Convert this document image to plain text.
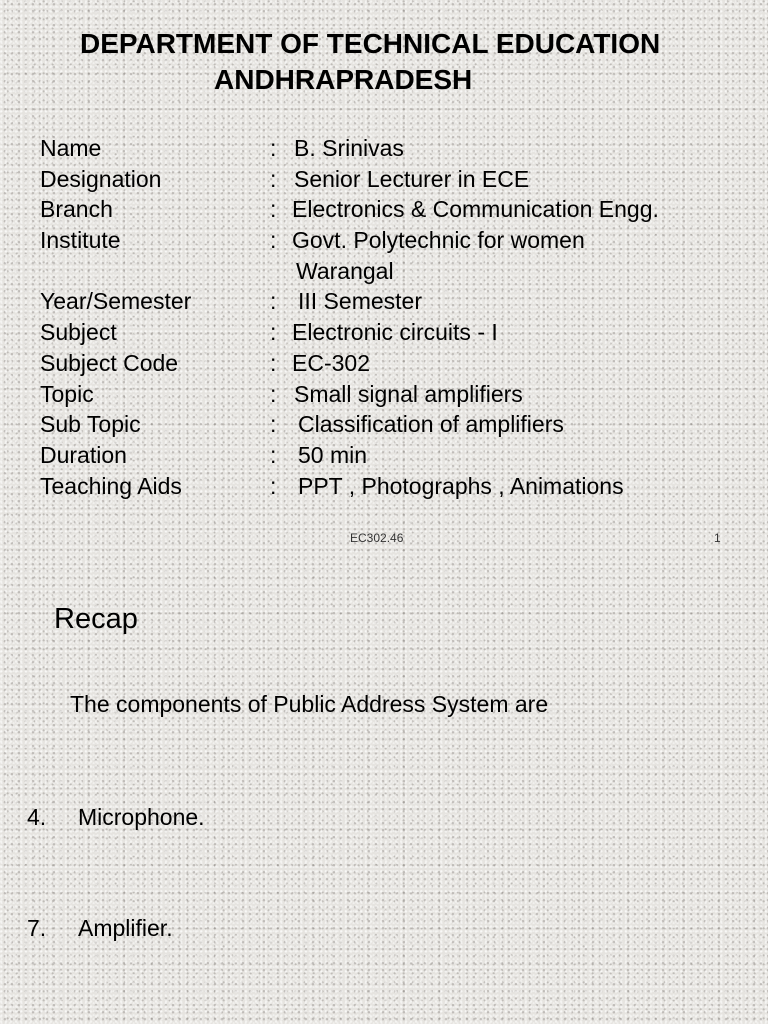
DEPARTMENT OF TECHNICAL EDUCATION
ANDHRAPRADESH
Name	: B. Srinivas
Designation	: Senior Lecturer in ECE
Branch	: Electronics & Communication Engg.
Institute	: Govt. Polytechnic for women
Warangal
Year/Semester	: III Semester
Subject	: Electronic circuits - I
Subject Code	: EC-302
Topic	: Small signal amplifiers
Sub Topic	: Classification of amplifiers
Duration	: 50 min
Teaching Aids	: PPT , Photographs , Animations
EC302.46	1
Recap
The components of Public Address System are
4. Microphone.
7. Amplifier.
